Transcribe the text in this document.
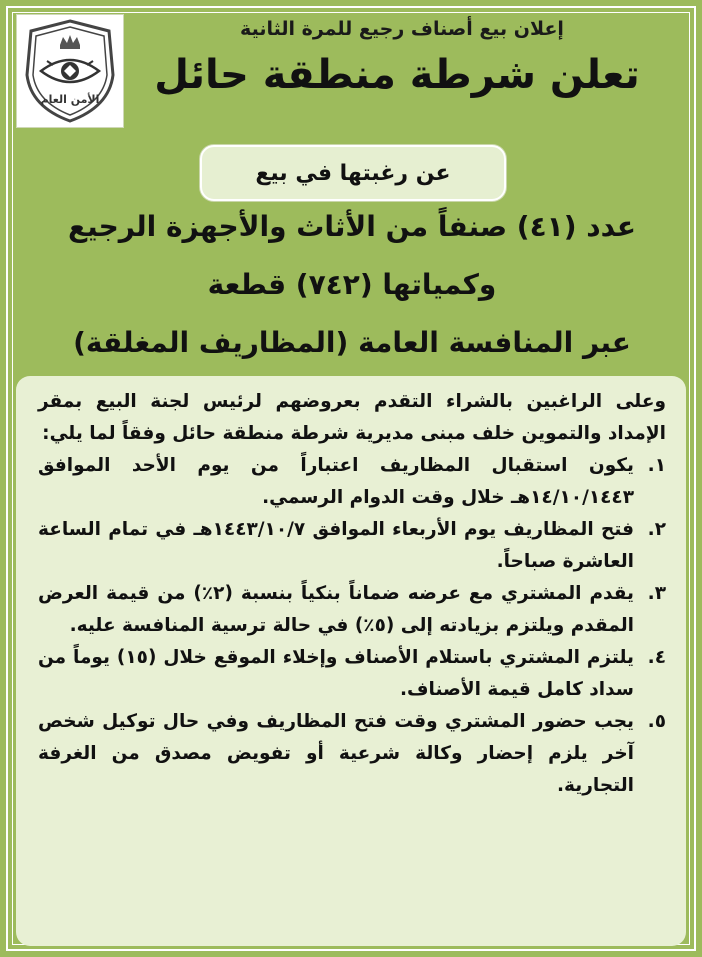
الأمن العام
إعلان بيع أصناف رجيع للمرة الثانية
تعلن شرطة منطقة حائل
عن رغبتها في بيع
عدد (٤١) صنفاً من الأثاث والأجهزة الرجيع
وكمياتها (٧٤٢) قطعة
عبر المنافسة العامة (المظاريف المغلقة)
وعلى الراغبين بالشراء التقدم بعروضهم لرئيس لجنة البيع بمقر الإمداد والتموين خلف مبنى مديرية شرطة منطقة حائل وفقاً لما يلي:
١.
يكون استقبال المظاريف اعتباراً من يوم الأحد الموافق ١٤/١٠/١٤٤٣هـ خلال وقت الدوام الرسمي.
٢.
فتح المظاريف يوم الأربعاء الموافق ١٤٤٣/١٠/٧هـ في تمام الساعة العاشرة صباحاً.
٣.
يقدم المشتري مع عرضه ضماناً بنكياً بنسبة (٢٪) من قيمة العرض المقدم ويلتزم بزيادته إلى (٥٪) في حالة ترسية المنافسة عليه.
٤.
يلتزم المشتري باستلام الأصناف وإخلاء الموقع خلال (١٥) يوماً من سداد كامل قيمة الأصناف.
٥.
يجب حضور المشتري وقت فتح المظاريف وفي حال توكيل شخص آخر يلزم إحضار وكالة شرعية أو تفويض مصدق من الغرفة التجارية.
